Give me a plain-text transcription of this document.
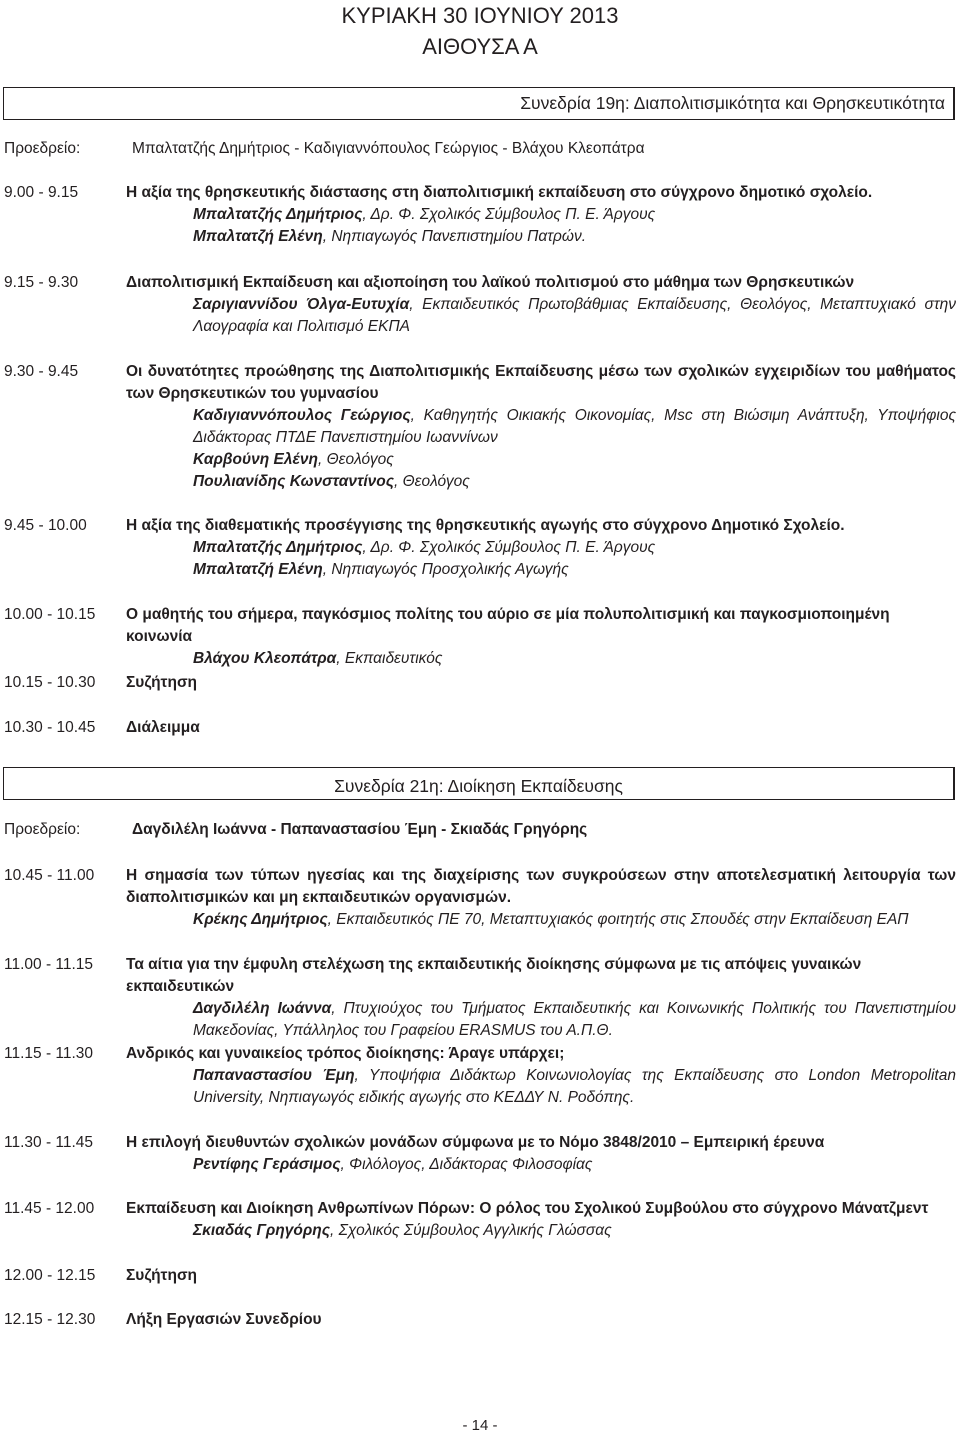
ΚΥΡΙΑΚΗ 30 ΙΟΥΝΙΟΥ 2013
ΑΙΘΟΥΣΑ Α
Συνεδρία 19η: Διαπολιτισμικότητα και Θρησκευτικότητα
Προεδρείο:	Μπαλτατζής Δημήτριος - Καδιγιαννόπουλος Γεώργιος - Βλάχου Κλεοπάτρα
9.00 - 9.15	Η αξία της θρησκευτικής διάστασης στη διαπολιτισμική εκπαίδευση στο σύγχρονο δημοτικό σχολείο.
Μπαλτατζής Δημήτριος, Δρ. Φ. Σχολικός Σύμβουλος Π. Ε. Άργους
Μπαλτατζή Ελένη, Νηπιαγωγός Πανεπιστημίου Πατρών.
9.15 - 9.30	Διαπολιτισμική Εκπαίδευση και αξιοποίηση του λαϊκού πολιτισμού στο μάθημα των Θρησκευτικών
Σαριγιαννίδου Όλγα-Ευτυχία, Εκπαιδευτικός Πρωτοβάθμιας Εκπαίδευσης, Θεολόγος, Μεταπτυχιακό στην Λαογραφία και Πολιτισμό ΕΚΠΑ
9.30 - 9.45	Οι δυνατότητες προώθησης της Διαπολιτισμικής Εκπαίδευσης μέσω των σχολικών εγχειριδίων του μαθήματος των Θρησκευτικών του γυμνασίου
Καδιγιαννόπουλος Γεώργιος, Καθηγητής Οικιακής Οικονομίας, Msc στη Βιώσιμη Ανάπτυξη, Υποψήφιος Διδάκτορας ΠΤΔΕ Πανεπιστημίου Ιωαννίνων
Καρβούνη Ελένη, Θεολόγος
Πουλιανίδης Κωνσταντίνος, Θεολόγος
9.45 - 10.00	Η αξία της διαθεματικής προσέγγισης της θρησκευτικής αγωγής στο σύγχρονο Δημοτικό Σχολείο.
Μπαλτατζής Δημήτριος, Δρ. Φ. Σχολικός Σύμβουλος Π. Ε. Άργους
Μπαλτατζή Ελένη, Νηπιαγωγός Προσχολικής Αγωγής
10.00 - 10.15	Ο μαθητής του σήμερα, παγκόσμιος πολίτης του αύριο σε μία πολυπολιτισμική και παγκοσμιοποιημένη κοινωνία
Βλάχου Κλεοπάτρα, Εκπαιδευτικός
10.15 - 10.30	Συζήτηση
10.30 - 10.45	Διάλειμμα
Συνεδρία 21η: Διοίκηση Εκπαίδευσης
Προεδρείο:	Δαγδιλέλη Ιωάννα - Παπαναστασίου Έμη - Σκιαδάς Γρηγόρης
10.45 - 11.00	Η σημασία των τύπων ηγεσίας και της διαχείρισης των συγκρούσεων στην αποτελεσματική λειτουργία των διαπολιτισμικών και μη εκπαιδευτικών οργανισμών.
Κρέκης Δημήτριος, Εκπαιδευτικός ΠΕ 70, Μεταπτυχιακός φοιτητής στις Σπουδές στην Εκπαίδευση ΕΑΠ
11.00 - 11.15	Τα αίτια για την έμφυλη στελέχωση της εκπαιδευτικής διοίκησης σύμφωνα με τις απόψεις γυναικών εκπαιδευτικών
Δαγδιλέλη Ιωάννα, Πτυχιούχος του Τμήματος Εκπαιδευτικής και Κοινωνικής Πολιτικής του Πανεπιστημίου Μακεδονίας, Υπάλληλος του Γραφείου ERASMUS του Α.Π.Θ.
11.15 - 11.30	Ανδρικός και γυναικείος τρόπος διοίκησης: Άραγε υπάρχει;
Παπαναστασίου Έμη, Υποψήφια Διδάκτωρ Κοινωνιολογίας της Εκπαίδευσης στο London Metropolitan University, Νηπιαγωγός ειδικής αγωγής στο ΚΕΔΔΥ Ν. Ροδόπης.
11.30 - 11.45	Η επιλογή διευθυντών σχολικών μονάδων σύμφωνα με το Νόμο 3848/2010 – Εμπειρική έρευνα
Ρεντίφης Γεράσιμος, Φιλόλογος, Διδάκτορας Φιλοσοφίας
11.45 - 12.00	Εκπαίδευση και Διοίκηση Ανθρωπίνων Πόρων: Ο ρόλος του Σχολικού Συμβούλου στο σύγχρονο Μάνατζμεντ
Σκιαδάς Γρηγόρης, Σχολικός Σύμβουλος Αγγλικής Γλώσσας
12.00 - 12.15	Συζήτηση
12.15 - 12.30	Λήξη Εργασιών Συνεδρίου
- 14 -
